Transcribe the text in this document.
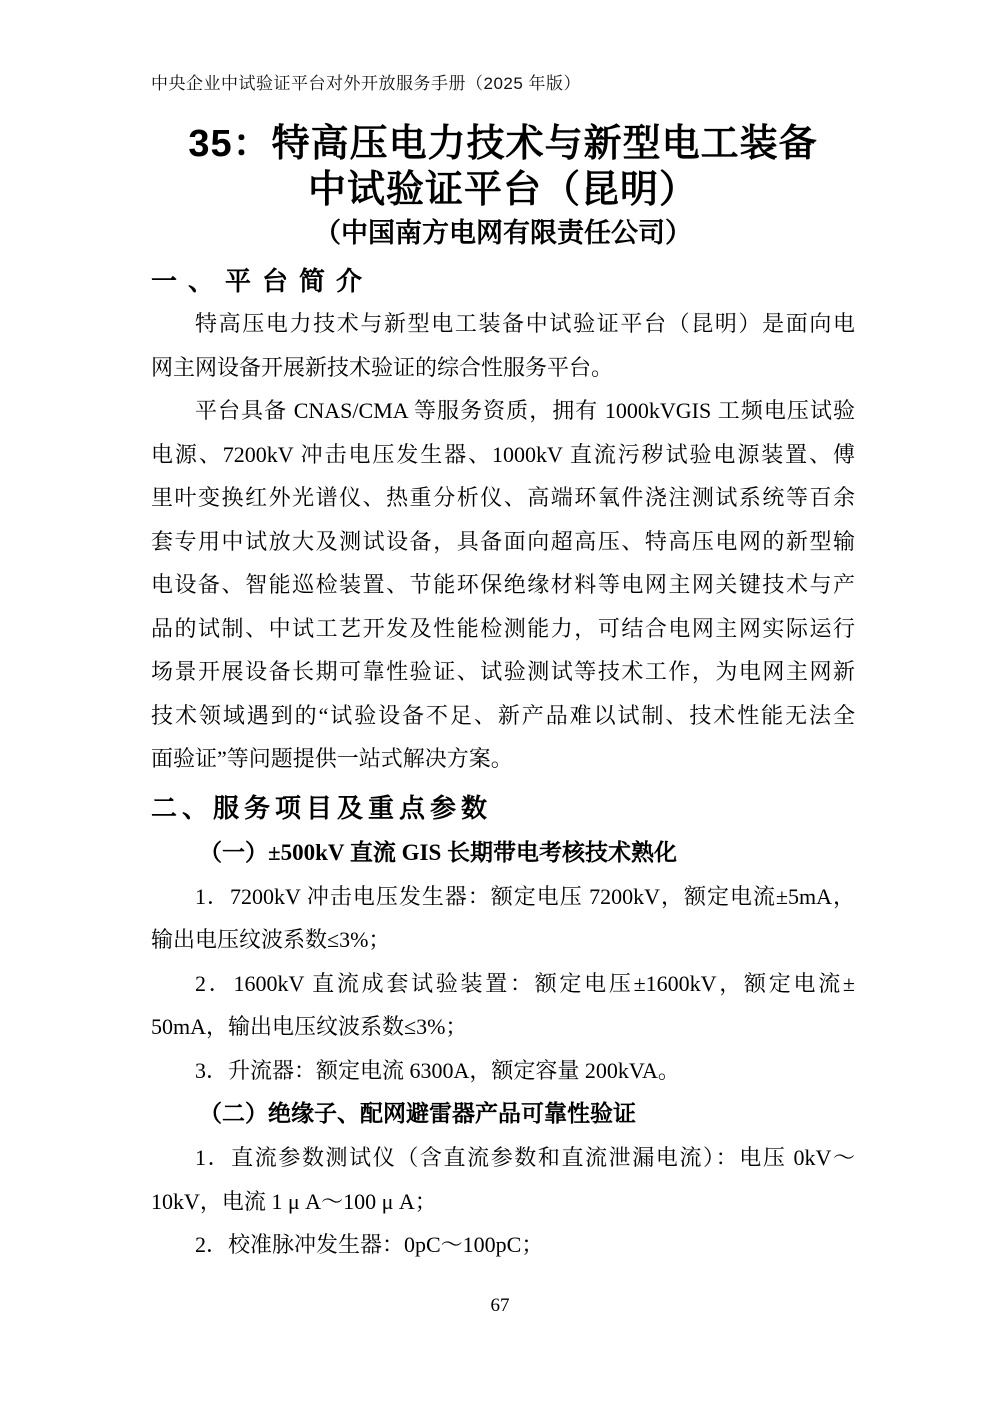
中央企业中试验证平台对外开放服务手册（2025 年版）
35：特高压电力技术与新型电工装备
中试验证平台（昆明）
（中国南方电网有限责任公司）
一、平台简介
特高压电力技术与新型电工装备中试验证平台（昆明）是面向电
网主网设备开展新技术验证的综合性服务平台。
平台具备 CNAS/CMA 等服务资质，拥有 1000kVGIS 工频电压试验
电源、7200kV 冲击电压发生器、1000kV 直流污秽试验电源装置、傅
里叶变换红外光谱仪、热重分析仪、高端环氧件浇注测试系统等百余
套专用中试放大及测试设备，具备面向超高压、特高压电网的新型输
电设备、智能巡检装置、节能环保绝缘材料等电网主网关键技术与产
品的试制、中试工艺开发及性能检测能力，可结合电网主网实际运行
场景开展设备长期可靠性验证、试验测试等技术工作，为电网主网新
技术领域遇到的“试验设备不足、新产品难以试制、技术性能无法全
面验证”等问题提供一站式解决方案。
二、服务项目及重点参数
（一）±500kV 直流 GIS 长期带电考核技术熟化
1．7200kV 冲击电压发生器：额定电压 7200kV，额定电流±5mA，
输出电压纹波系数≤3%；
2．1600kV 直流成套试验装置：额定电压±1600kV，额定电流±
50mA，输出电压纹波系数≤3%；
3．升流器：额定电流 6300A，额定容量 200kVA。
（二）绝缘子、配网避雷器产品可靠性验证
1．直流参数测试仪（含直流参数和直流泄漏电流）：电压 0kV～
10kV，电流 1 μ A～100 μ A；
2．校准脉冲发生器：0pC～100pC；
67
